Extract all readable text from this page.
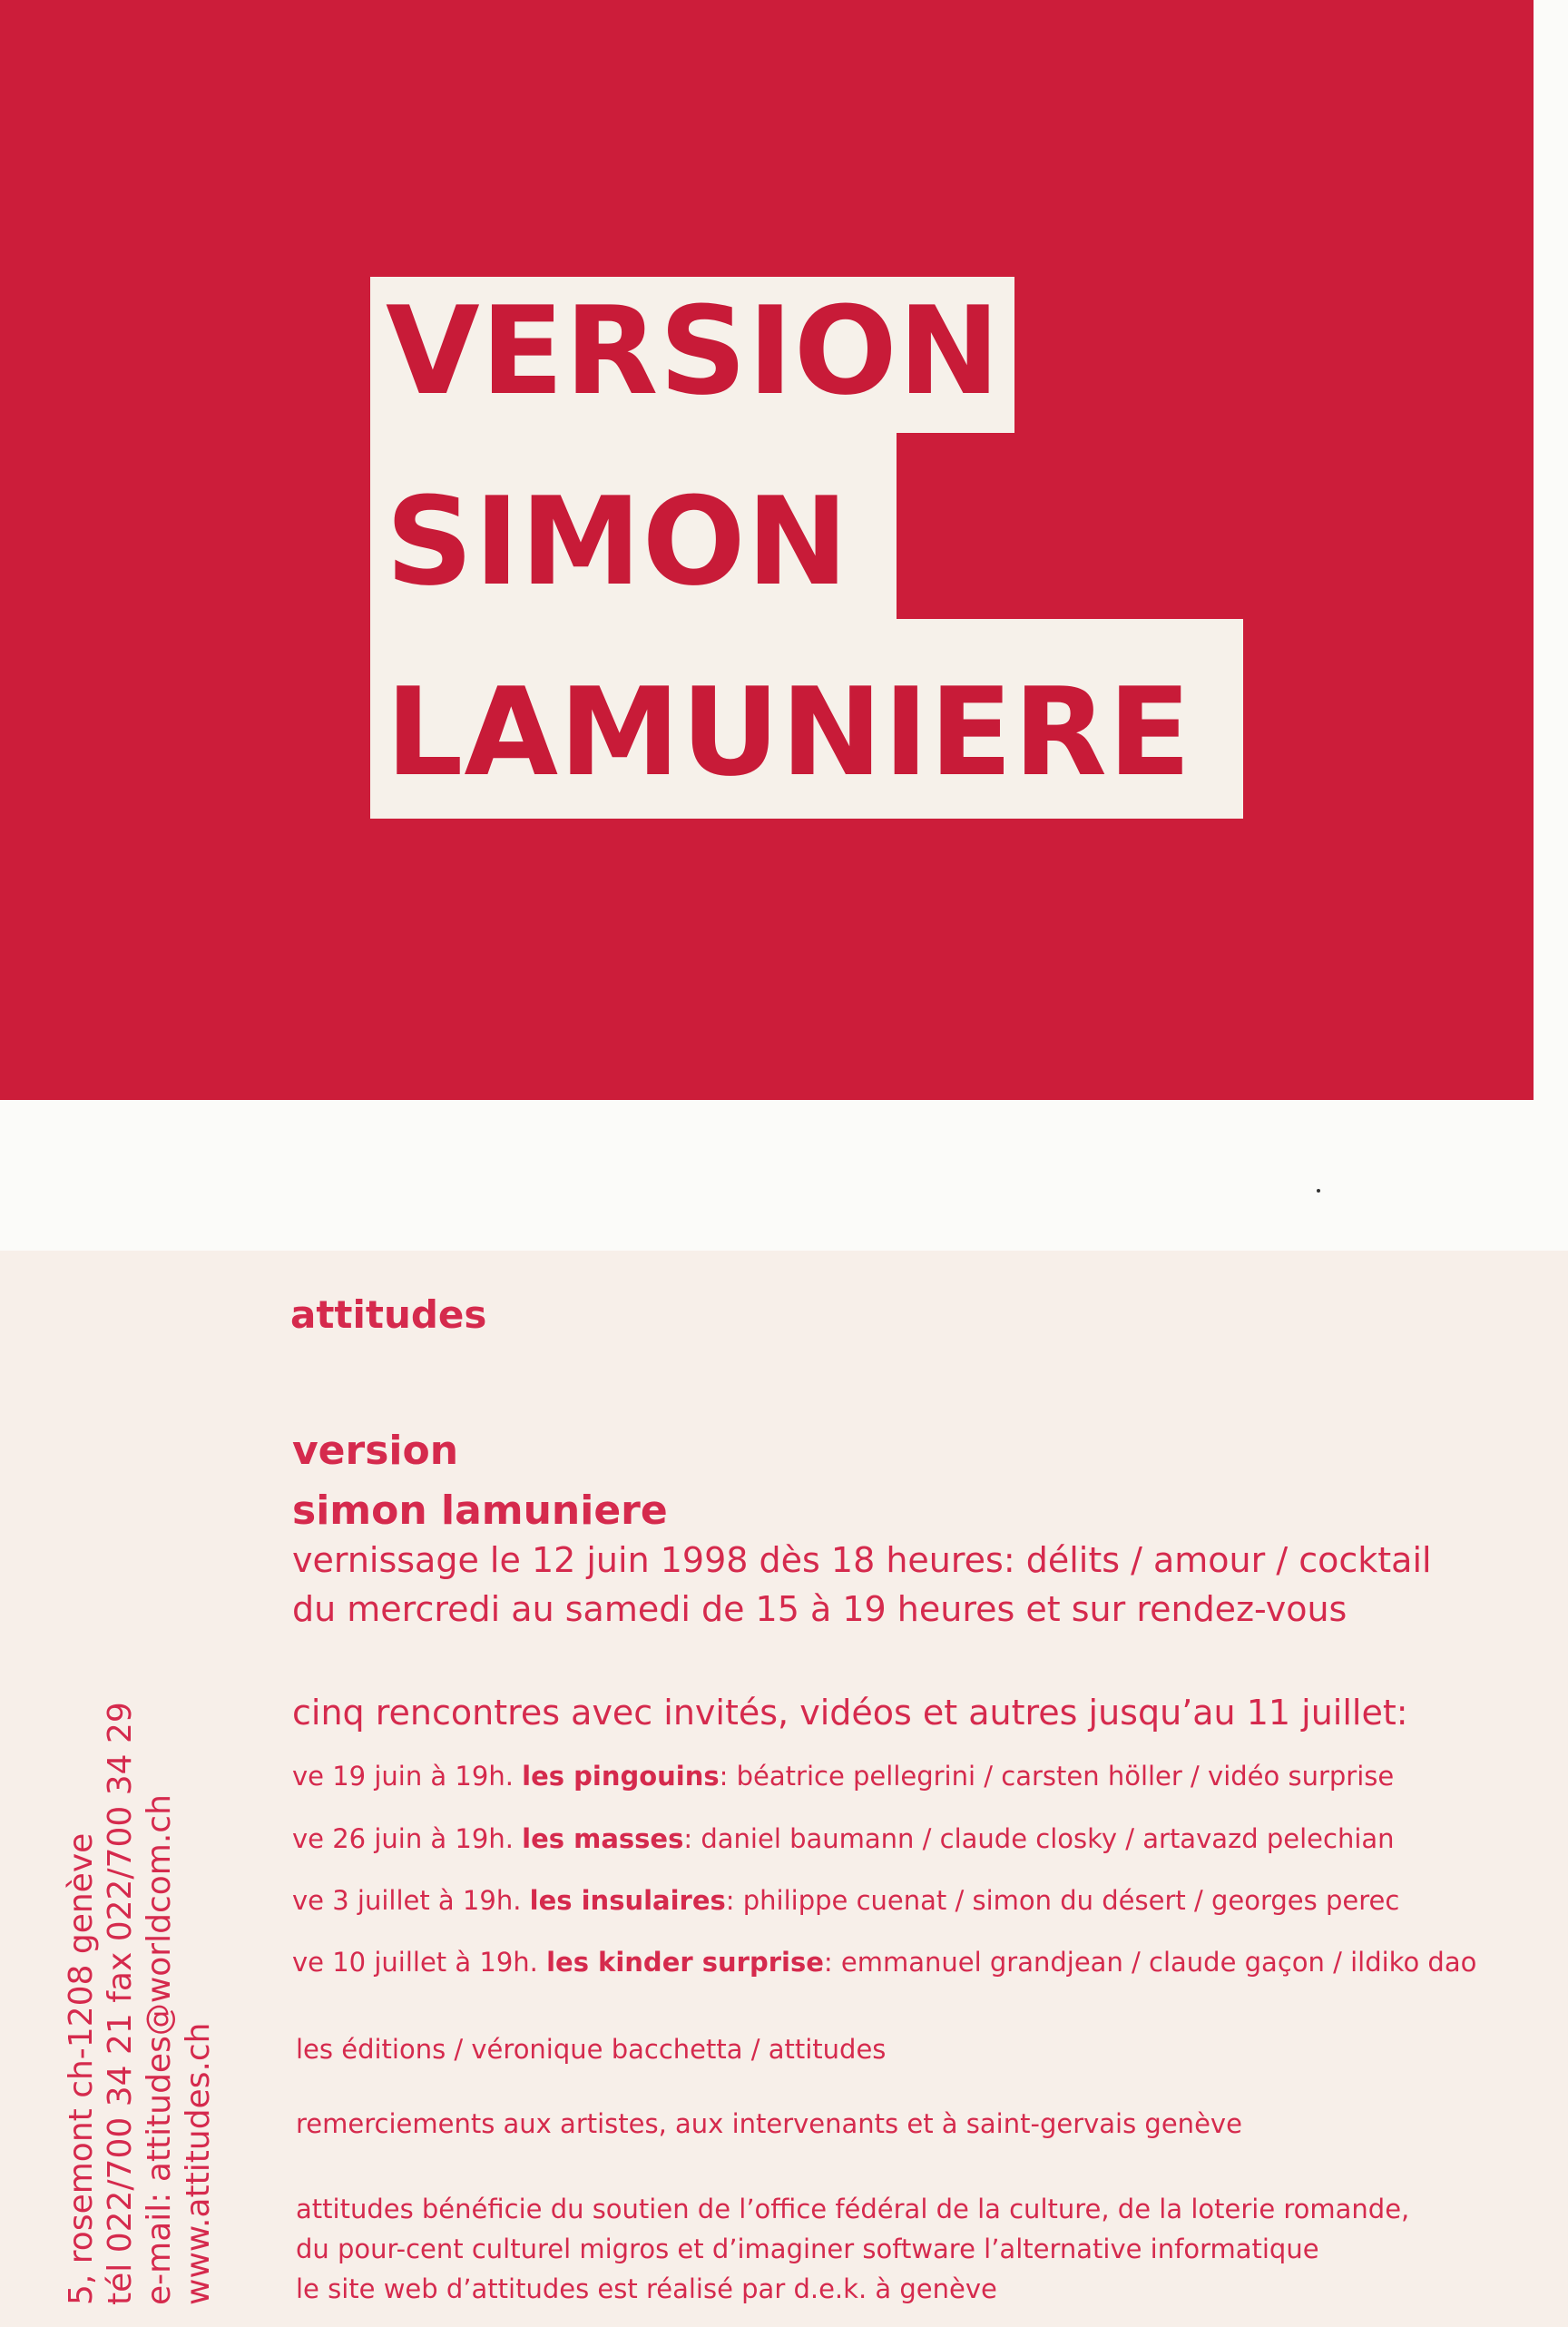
VERSION
SIMON
LAMUNIERE

attitudes

version
simon lamuniere

vernissage le 12 juin 1998 dès 18 heures: délits / amour / cocktail

du mercredi au samedi de 15 à 19 heures et sur rendez-vous

cinq rencontres avec invités, vidéos et autres jusqu’au 11 juillet:

ve 19 juin à 19h. les pingouins: béatrice pellegrini / carsten höller / vidéo surprise

ve 26 juin à 19h. les masses: daniel baumann / claude closky / artavazd pelechian

ve 3 juillet à 19h. les insulaires: philippe cuenat / simon du désert / georges perec

ve 10 juillet à 19h. les kinder surprise: emmanuel grandjean / claude gaçon / ildiko dao

les éditions / véronique bacchetta / attitudes

remerciements aux artistes, aux intervenants et à saint-gervais genève

attitudes bénéficie du soutien de l’office fédéral de la culture, de la loterie romande,
du pour-cent culturel migros et d’imaginer software l’alternative informatique
le site web d’attitudes est réalisé par d.e.k. à genève

5, rosemont ch-1208 genève tél 022/700 34 21 fax 022/700 34 29 e-mail: attitudes@worldcom.ch www.attitudes.ch
